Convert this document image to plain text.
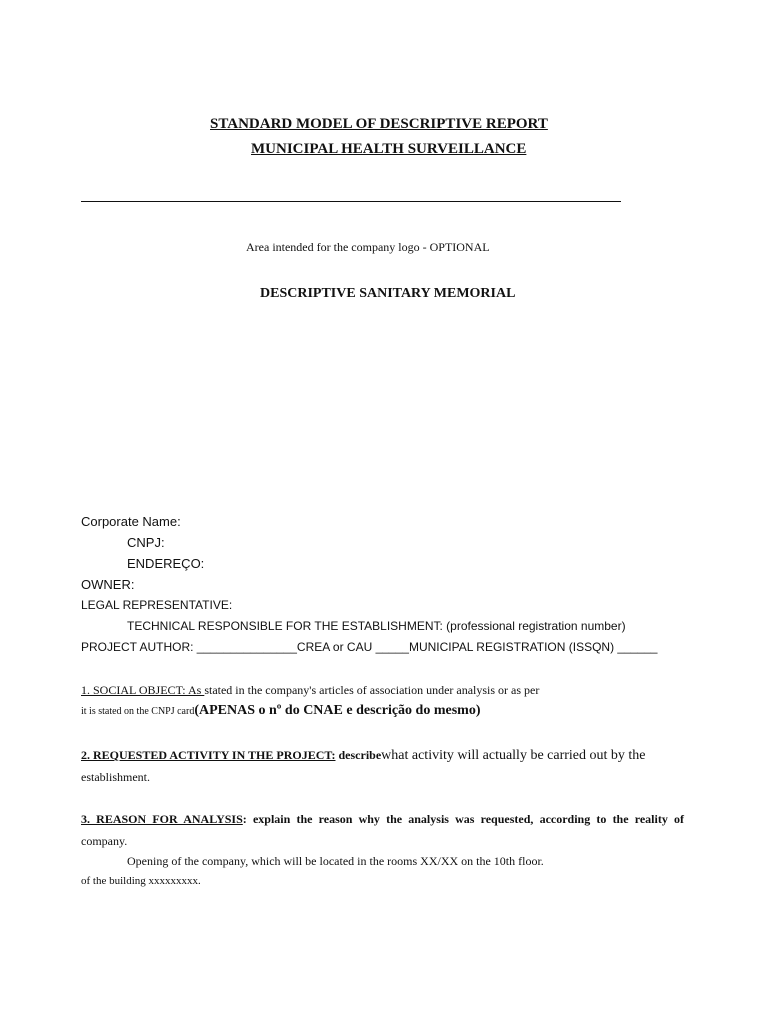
STANDARD MODEL OF DESCRIPTIVE REPORT
MUNICIPAL HEALTH SURVEILLANCE
Area intended for the company logo - OPTIONAL
DESCRIPTIVE SANITARY MEMORIAL
Corporate Name:
CNPJ:
ENDEREÇO:
OWNER:
LEGAL REPRESENTATIVE:
TECHNICAL RESPONSIBLE FOR THE ESTABLISHMENT: (professional registration number)
PROJECT AUTHOR: _______________CREA or CAU _____MUNICIPAL REGISTRATION (ISSQN) ______
1. SOCIAL OBJECT: As stated in the company's articles of association under analysis or as per
it is stated on the CNPJ card(APENAS o nº do CNAE e descrição do mesmo)
2. REQUESTED ACTIVITY IN THE PROJECT: describewhat activity will actually be carried out by the
establishment.
3. REASON FOR ANALYSIS: explain the reason why the analysis was requested, according to the reality of
company.
Opening of the company, which will be located in the rooms XX/XX on the 10th floor.
of the building xxxxxxxxx.
